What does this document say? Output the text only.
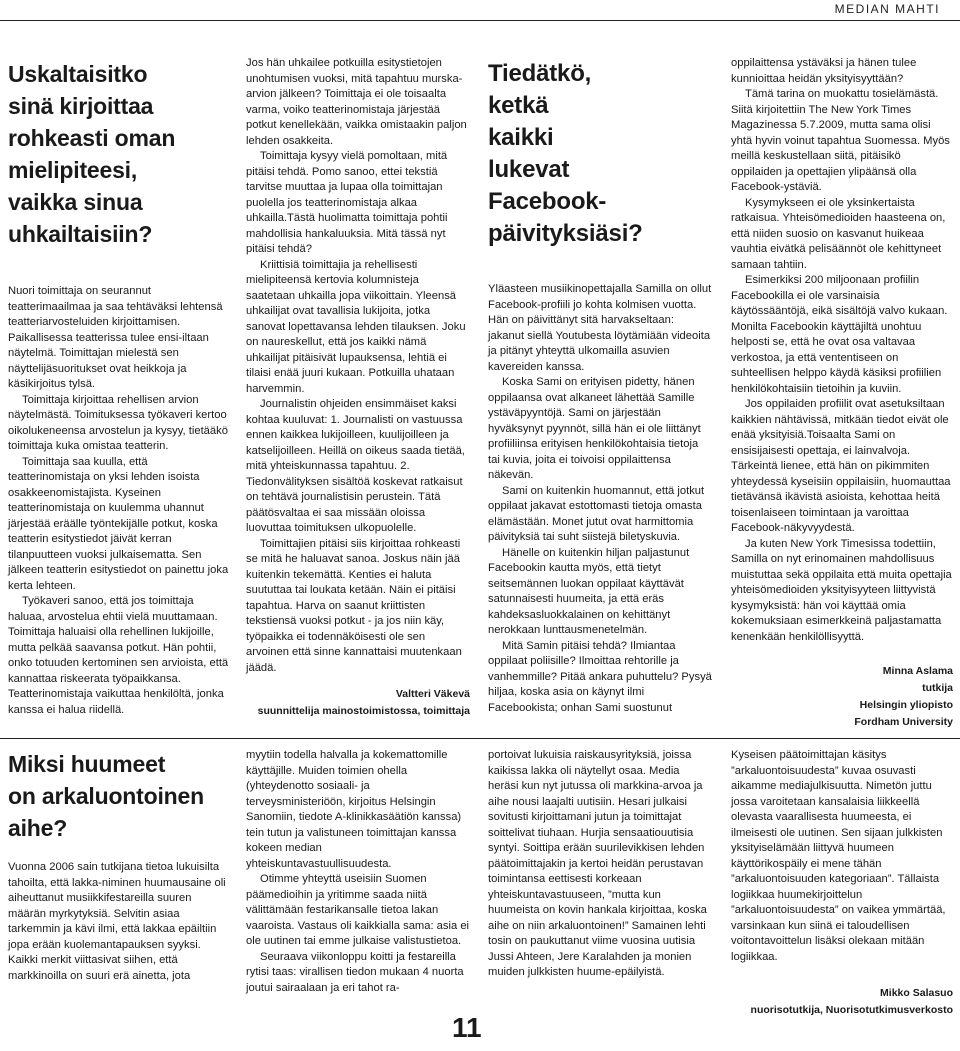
MEDIAN MAHTI
Uskaltaisitko
sinä kirjoittaa
rohkeasti oman
mielipiteesi,
vaikka sinua
uhkailtaisiin?

Nuori toimittaja on seurannut teatterimaailmaa ja saa tehtäväksi lehtensä teatteriarvosteluiden kirjoittamisen. Paikallisessa teatterissa tulee ensi-iltaan näytelmä. Toimittajan mielestä sen näyttelijäsuoritukset ovat heikkoja ja käsikirjoitus tylsä.

Toimittaja kirjoittaa rehellisen arvion näytelmästä. Toimituksessa työkaveri kertoo oikolukeneensa arvostelun ja kysyy, tietääkö toimittaja kuka omistaa teatterin.

Toimittaja saa kuulla, että teatterinomistaja on yksi lehden isoista osakkeenomistajista. Kyseinen teatterinomistaja on kuulemma uhannut järjestää eräälle työntekijälle potkut, koska teatterin esitystiedot jäivät kerran tilanpuutteen vuoksi julkaisematta. Sen jälkeen teatterin esitystiedot on painettu joka kerta lehteen.

Työkaveri sanoo, että jos toimittaja haluaa, arvostelua ehtii vielä muuttamaan. Toimittaja haluaisi olla rehellinen lukijoille, mutta pelkää saavansa potkut. Hän pohtii, onko totuuden kertominen sen arvioista, että kannattaa riskeerata työpaikkansa. Teatterinomistaja vaikuttaa henkilöltä, jonka kanssa ei halua riidellä.

Jos hän uhkailee potkuilla esitystietojen unohtumisen vuoksi, mitä tapahtuu murska-arvion jälkeen? Toimittaja ei ole toisaalta varma, voiko teatterinomistaja järjestää potkut kenellekään, vaikka omistaakin paljon lehden osakkeita.

Toimittaja kysyy vielä pomoltaan, mitä pitäisi tehdä. Pomo sanoo, ettei tekstiä tarvitse muuttaa ja lupaa olla toimittajan puolella jos teatterinomistaja alkaa uhkailla.Tästä huolimatta toimittaja pohtii mahdollisia hankaluuksia. Mitä tässä nyt pitäisi tehdä?

Kriittisiä toimittajia ja rehellisesti mielipiteensä kertovia kolumnisteja saatetaan uhkailla jopa viikoittain. Yleensä uhkailijat ovat tavallisia lukijoita, jotka sanovat lopettavansa lehden tilauksen. Joku on naureskellut, että jos kaikki nämä uhkailijat pitäisivät lupauksensa, lehtiä ei tilaisi enää juuri kukaan. Potkuilla uhataan harvemmin.

Journalistin ohjeiden ensimmäiset kaksi kohtaa kuuluvat: 1. Journalisti on vastuussa ennen kaikkea lukijoilleen, kuulijoilleen ja katselijoilleen. Heillä on oikeus saada tietää, mitä yhteiskunnassa tapahtuu. 2. Tiedonvälityksen sisältöä koskevat ratkaisut on tehtävä journalistisin perustein. Tätä päätösvaltaa ei saa missään oloissa luovuttaa toimituksen ulkopuolelle.

Toimittajien pitäisi siis kirjoittaa rohkeasti se mitä he haluavat sanoa. Joskus näin jää kuitenkin tekemättä. Kenties ei haluta suututtaa tai loukata ketään. Näin ei pitäisi tapahtua. Harva on saanut kriittisten tekstiensä vuoksi potkut - ja jos niin käy, työpaikka ei todennäköisesti ole sen arvoinen että sinne kannattaisi muutenkaan jäädä.

Valtteri Väkevä
suunnittelija mainostoimistossa, toimittaja
Tiedätkö,
ketkä
kaikki
lukevat
Facebook-
päivityksiäsi?

Yläasteen musiikinopettajalla Samilla on ollut Facebook-profiili jo kohta kolmisen vuotta. Hän on päivittänyt sitä harvakseltaan: jakanut siellä Youtubesta löytämiään videoita ja pitänyt yhteyttä ulkomailla asuvien kavereiden kanssa.

Koska Sami on erityisen pidetty, hänen oppilaansa ovat alkaneet lähettää Samille ystäväpyyntöjä. Sami on järjestään hyväksynyt pyynnöt, sillä hän ei ole liittänyt profiiliinsa erityisen henkilökohtaisia tietoja tai kuvia, joita ei toivoisi oppilaittensa näkevän.

Sami on kuitenkin huomannut, että jotkut oppilaat jakavat estottomasti tietoja omasta elämästään. Monet jutut ovat harmittomia päivityksiä tai suht siistejä biletyskuvia.

Hänelle on kuitenkin hiljan paljastunut Facebookin kautta myös, että tietyt seitsemännen luokan oppilaat käyttävät satunnaisesti huumeita, ja että eräs kahdeksasluokkalainen on kehittänyt nerokkaan lunttausmenetelmän.

Mitä Samin pitäisi tehdä? Ilmiantaa oppilaat poliisille? Ilmoittaa rehtorille ja vanhemmille? Pitää ankara puhuttelu? Pysyä hiljaa, koska asia on käynyt ilmi Facebookista; onhan Sami suostunut

oppilaittensa ystäväksi ja hänen tulee kunnioittaa heidän yksityisyyttään?

Tämä tarina on muokattu tosielämästä. Siitä kirjoitettiin The New York Times Magazinessa 5.7.2009, mutta sama olisi yhtä hyvin voinut tapahtua Suomessa. Myös meillä keskustellaan siitä, pitäisikö oppilaiden ja opettajien ylipäänsä olla Facebook-ystäviä.

Kysymykseen ei ole yksinkertaista ratkaisua. Yhteisömedioiden haasteena on, että niiden suosio on kasvanut huikeaa vauhtia eivätkä pelisäännöt ole kehittyneet samaan tahtiin.

Esimerkiksi 200 miljoonaan profiilin Facebookilla ei ole varsinaisia käytössääntöjä, eikä sisältöjä valvo kukaan. Monilta Facebookin käyttäjiltä unohtuu helposti se, että he ovat osa valtavaa verkostoa, ja että vententiseen on suhteellisen helppo käydä käsiksi profiilien henkilökohtaisiin tietoihin ja kuviin.

Jos oppilaiden profiilit ovat asetuksiltaan kaikkien nähtävissä, mitkään tiedot eivät ole enää yksityisiä.Toisaalta Sami on ensisijaisesti opettaja, ei lainvalvoja. Tärkeintä lienee, että hän on pikimmiten yhteydessä kyseisiin oppilaisiin, huomauttaa tietävänsä ikävistä asioista, kehottaa heitä toisenlaiseen toimintaan ja varoittaa Facebook-näkyvyydestä.

Ja kuten New York Timesissa todettiin, Samilla on nyt erinomainen mahdollisuus muistuttaa sekä oppilaita että muita opettajia yhteisömedioiden yksityisyyteen liittyvistä kysymyksistä: hän voi käyttää omia kokemuksiaan esimerkkeinä paljastamatta kenenkään henkilöllisyyttä.

Minna Aslama
tutkija
Helsingin yliopisto
Fordham University
Miksi huumeet
on arkaluontoinen
aihe?

Vuonna 2006 sain tutkijana tietoa lukuisilta tahoilta, että lakka-niminen huumausaine oli aiheuttanut musiikkifestareilla suuren määrän myrkytyksiä. Selvitin asiaa tarkemmin ja kävi ilmi, että lakkaa epäiltiin jopa erään kuolemantapauksen syyksi. Kaikki merkit viittasivat siihen, että markkinoilla on suuri erä ainetta, jota

myytiin todella halvalla ja kokemattomille käyttäjille. Muiden toimien ohella (yhteydenotto sosiaali- ja terveysministeriöön, kirjoitus Helsingin Sanomiin, tiedote A-klinikkasäätiön kanssa) tein tutun ja valistuneen toimittajan kanssa kokeen median yhteiskuntavastuullisuudesta.

Otimme yhteyttä useisiin Suomen päämedioihin ja yritimme saada niitä välittämään festarikansalle tietoa lakan vaaroista. Vastaus oli kaikkialla sama: asia ei ole uutinen tai emme julkaise valistustietoa.

Seuraava viikonloppu koitti ja festareilla rytisi taas: virallisen tiedon mukaan 4 nuorta joutui sairaalaan ja eri tahot ra-

portoivat lukuisia raiskausyrityksiä, joissa kaikissa lakka oli näytellyt osaa. Media heräsi kun nyt jutussa oli markkina-arvoa ja aihe nousi laajalti uutisiin. Hesari julkaisi sovitusti kirjoittamani jutun ja toimittajat soittelivat tiuhaan. Hurjia sensaatiouutisia syntyi. Soittipa erään suurilevikkisen lehden päätoimittajakin ja kertoi heidän perustavan toimintansa eettisesti korkeaan yhteiskuntavastuuseen, ”mutta kun huumeista on kovin hankala kirjoittaa, koska aihe on niin arkaluontoinen!” Samainen lehti tosin on paukuttanut viime vuosina uutisia Jussi Ahteen, Jere Karalahden ja monien muiden julkkisten huume-epäilyistä.

Kyseisen päätoimittajan käsitys ”arkaluontoisuudesta” kuvaa osuvasti aikamme mediajulkisuutta. Nimetön juttu jossa varoitetaan kansalaisia liikkeellä olevasta vaarallisesta huumeesta, ei ilmeisesti ole uutinen. Sen sijaan julkkisten yksityiselämään liittyvä huumeen käyttörikospäily ei mene tähän ”arkaluontoisuuden kategoriaan”. Tällaista logiikkaa huumekirjoittelun ”arkaluontoisuudesta” on vaikea ymmärtää, varsinkaan kun siinä ei taloudellisen voitontavoittelun lisäksi olekaan mitään logiikkaa.

Mikko Salasuo
nuorisotutkija, Nuorisotutkimusverkosto
11
